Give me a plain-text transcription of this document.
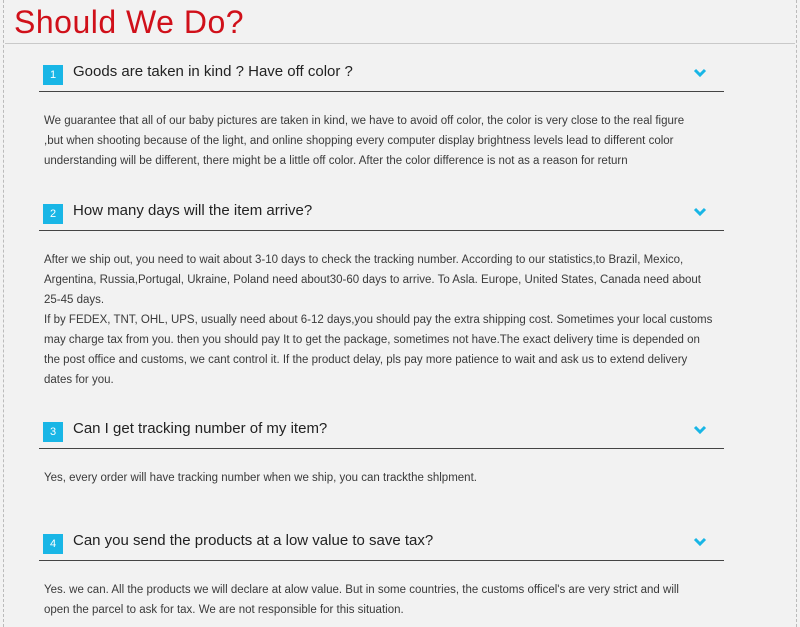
Should We Do?
1	Goods are taken in kind ? Have off color ?

We guarantee that all of our baby pictures are taken in kind, we have to avoid off color, the color is very close to the real figure

,but when shooting because of the light, and online shopping every computer display brightness levels lead to different color

understanding will be different, there might be a little off color. After the color difference is not as a reason for return

2	How many days will the item arrive?

After we ship out, you need to wait about 3-10 days to check the tracking number. According to our statistics,to Brazil, Mexico,

Argentina, Russia,Portugal, Ukraine, Poland need about30-60 days to arrive. To Asla. Europe, United States, Canada need about

25-45 days.

If by FEDEX, TNT, OHL, UPS, usually need about 6-12 days,you should pay the extra shipping cost. Sometimes your local customs

may charge tax from you. then you should pay It to get the package, sometimes not have.The exact delivery time is depended on

the post office and customs, we cant control it. If the product delay, pls pay more patience to wait and ask us to extend delivery

dates for you.

3	Can I get tracking number of my item?

Yes, every order will have tracking number when we ship, you can trackthe shlpment.

4	Can you send the products at a low value to save tax?

Yes. we can. All the products we will declare at alow value. But in some countries, the customs officel's are very strict and will

open the parcel to ask for tax. We are not responsible for this situation.
